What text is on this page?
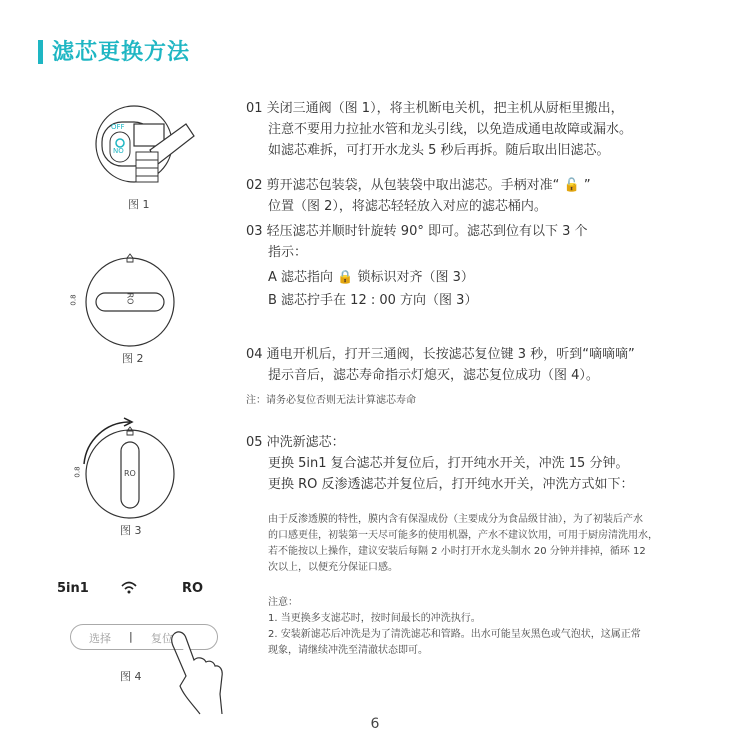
滤芯更换方法
OFF
NO
图 1
RO
0.8
图 2
RO
0.8
图 3
5in1	RO
选择 | 复位
图 4
01 关闭三通阀（图 1），将主机断电关机，把主机从厨柜里搬出，
注意不要用力拉扯水管和龙头引线，以免造成通电故障或漏水。
如滤芯难拆，可打开水龙头 5 秒后再拆。随后取出旧滤芯。
02 剪开滤芯包装袋，从包装袋中取出滤芯。手柄对准“ 🔓 ”
位置（图 2），将滤芯轻轻放入对应的滤芯桶内。
03 轻压滤芯并顺时针旋转 90° 即可。滤芯到位有以下 3 个
指示：
A 滤芯指向 🔒 锁标识对齐（图 3）
B 滤芯拧手在 12 : 00 方向（图 3）
04 通电开机后，打开三通阀，长按滤芯复位键 3 秒，听到“嘀嘀嘀”
提示音后，滤芯寿命指示灯熄灭，滤芯复位成功（图 4）。
注：请务必复位否则无法计算滤芯寿命
05 冲洗新滤芯：
更换 5in1 复合滤芯并复位后，打开纯水开关，冲洗 15 分钟。
更换 RO 反渗透滤芯并复位后，打开纯水开关，冲洗方式如下：
由于反渗透膜的特性，膜内含有保湿成份（主要成分为食品级甘油），为了初装后产水
的口感更佳，初装第一天尽可能多的使用机器，产水不建议饮用，可用于厨房清洗用水，
若不能按以上操作，建议安装后每隔 2 小时打开水龙头制水 20 分钟并排掉，循环 12
次以上，以便充分保证口感。
注意：
1. 当更换多支滤芯时，按时间最长的冲洗执行。
2. 安装新滤芯后冲洗是为了清洗滤芯和管路。出水可能呈灰黑色或气泡状，这属正常
现象，请继续冲洗至清澈状态即可。
6
